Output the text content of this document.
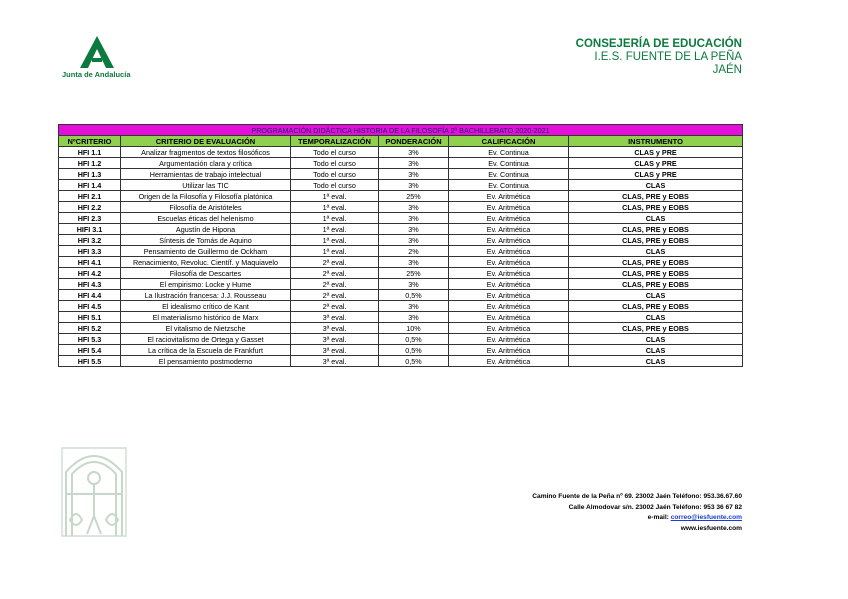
Junta de Andalucía
CONSEJERÍA DE EDUCACIÓN
I.E.S. FUENTE DE LA PEÑA
JAÉN
PROGRAMACIÓN DIDÁCTICA HISTORIA DE LA FILOSOFÍA 2º BACHILLERATO 2020-2021					
NºCRITERIO	CRITERIO DE EVALUACIÓN	TEMPORALIZACIÓN	PONDERACIÓN	CALIFICACIÓN	INSTRUMENTO
HFI 1.1	Analizar fragmentos de textos filosóficos	Todo el curso	3%	Ev. Continua	CLAS y PRE
HFI 1.2	Argumentación clara y crítica	Todo el curso	3%	Ev. Continua	CLAS y PRE
HFI 1.3	Herramientas de trabajo intelectual	Todo el curso	3%	Ev. Continua	CLAS y PRE
HFI 1.4	Utilizar las TIC	Todo el curso	3%	Ev. Continua	CLAS
HFI 2.1	Origen de la Filosofía y Filosofía platónica	1ª eval.	25%	Ev. Aritmética	CLAS, PRE y EOBS
HFI 2.2	Filosofía de Aristóteles	1ª eval.	3%	Ev. Aritmética	CLAS, PRE y EOBS
HFI 2.3	Escuelas éticas del helenismo	1ª eval.	3%	Ev. Aritmética	CLAS
HIFI 3.1	Agustín de Hipona	1ª eval.	3%	Ev. Aritmética	CLAS, PRE y EOBS
HFI 3.2	Síntesis de Tomás de Aquino	1ª eval.	3%	Ev. Aritmética	CLAS, PRE y EOBS
HFI 3.3	Pensamiento de Guillermo de Ockham	1ª eval.	2%	Ev. Aritmética	CLAS
HFI 4.1	Renacimiento, Revoluc. Científ. y Maquiavelo	2ª eval.	3%	Ev. Aritmética	CLAS, PRE y EOBS
HFI 4.2	Filosofía de Descartes	2ª eval.	25%	Ev. Aritmética	CLAS, PRE y EOBS
HFI 4.3	El empirismo: Locke y Hume	2ª eval.	3%	Ev. Aritmética	CLAS, PRE y EOBS
HFI 4.4	La Ilustración francesa: J.J. Rousseau	2ª eval.	0,5%	Ev. Aritmética	CLAS
HFI 4.5	El idealismo crítico de Kant	2ª eval.	3%	Ev. Aritmética	CLAS, PRE y EOBS
HFI 5.1	El materialismo histórico de Marx	3ª eval.	3%	Ev. Aritmética	CLAS
HFI 5.2	El vitalismo de Nietzsche	3ª eval.	10%	Ev. Aritmética	CLAS, PRE y EOBS
HFI 5.3	El raciovitalismo de Ortega y Gasset	3ª eval.	0,5%	Ev. Aritmética	CLAS
HFI 5.4	La crítica de la Escuela de Frankfurt	3ª eval.	0,5%	Ev. Aritmética	CLAS
HFI 5.5	El pensamiento postmoderno	3ª eval.	0,5%	Ev. Aritmética	CLAS
Camino Fuente de la Peña nº 69. 23002 Jaén Teléfono: 953.36.67.60
Calle Almodovar s/n. 23002 Jaén Teléfono: 953 36 67 82
e-mail: correo@iesfuente.com
www.iesfuente.com
